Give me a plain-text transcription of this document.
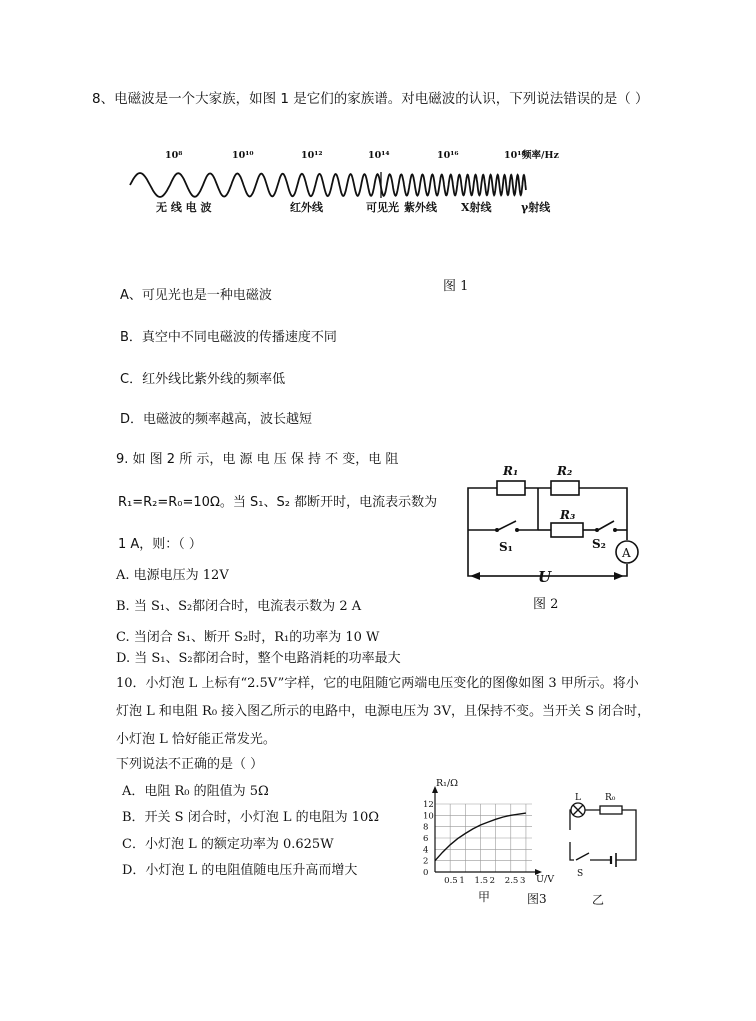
8、电磁波是一个大家族，如图 1 是它们的家族谱。对电磁波的认识，下列说法错误的是（ ）
10⁸	10¹⁰	10¹²	10¹⁴	10¹⁶	10¹⁸
频率/Hz
无 线 电 波	红外线	可见光 紫外线 X射线	γ射线
图 1
A、可见光也是一种电磁波
B．真空中不同电磁波的传播速度不同
C．红外线比紫外线的频率低
D．电磁波的频率越高，波长越短
9. 如 图 2 所 示，电 源 电 压 保 持 不 变，电 阻
R₁=R₂=R₀=10Ω。当 S₁、S₂ 都断开时，电流表示数为
1 A，则：（ ）
A. 电源电压为 12V
B. 当 S₁、S₂都闭合时，电流表示数为 2 A
C. 当闭合 S₁、断开 S₂时，R₁的功率为 10 W
D. 当 S₁、S₂都闭合时，整个电路消耗的功率最大
R₁	R₂
R₃
S₁	S₂
A
U
图 2
10．小灯泡 L 上标有“2.5V”字样，它的电阻随它两端电压变化的图像如图 3 甲所示。将小
灯泡 L 和电阻 R₀ 接入图乙所示的电路中，电源电压为 3V，且保持不变。当开关 S 闭合时，
小灯泡 L 恰好能正常发光。
下列说法不正确的是（ ）
A．电阻 R₀ 的阻值为 5Ω
B．开关 S 闭合时，小灯泡 L 的电阻为 10Ω
C．小灯泡 L 的额定功率为 0.625W
D．小灯泡 L 的电阻值随电压升高而增大
12
10
8
6
4
2
0
0.5 1 1.5 2 2.5 3
R₁/Ω
U/V
甲	图3
L	R₀
S
乙
